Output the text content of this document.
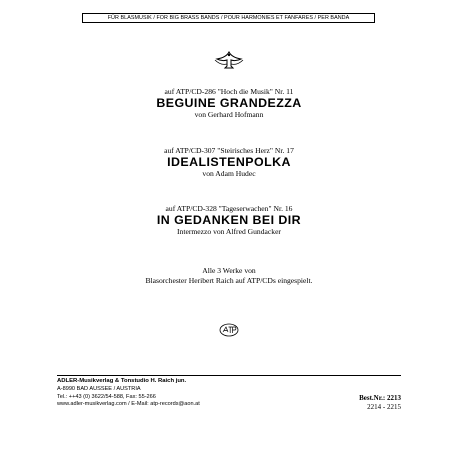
FÜR BLASMUSIK / FOR BIG BRASS BANDS / POUR HARMONIES ET FANFARES / PER BANDA
auf ATP/CD-286 "Hoch die Musik" Nr. 11
BEGUINE GRANDEZZA
von Gerhard Hofmann
auf ATP/CD-307 "Steirisches Herz" Nr. 17
IDEALISTENPOLKA
von Adam Hudec
auf ATP/CD-328 "Tageserwachen" Nr. 16
IN GEDANKEN BEI DIR
Intermezzo von Alfred Gundacker
Alle 3 Werke von
Blasorchester Heribert Raich auf ATP/CDs eingespielt.
ADLER-Musikverlag & Tonstudio H. Raich jun.
A-8990 BAD AUSSEE / AUSTRIA
Tel.: ++43 (0) 3622/54-588, Fax: 55-266
www.adler-musikverlag.com / E-Mail: atp-records@aon.at
Best.Nr.: 2213
2214 - 2215
